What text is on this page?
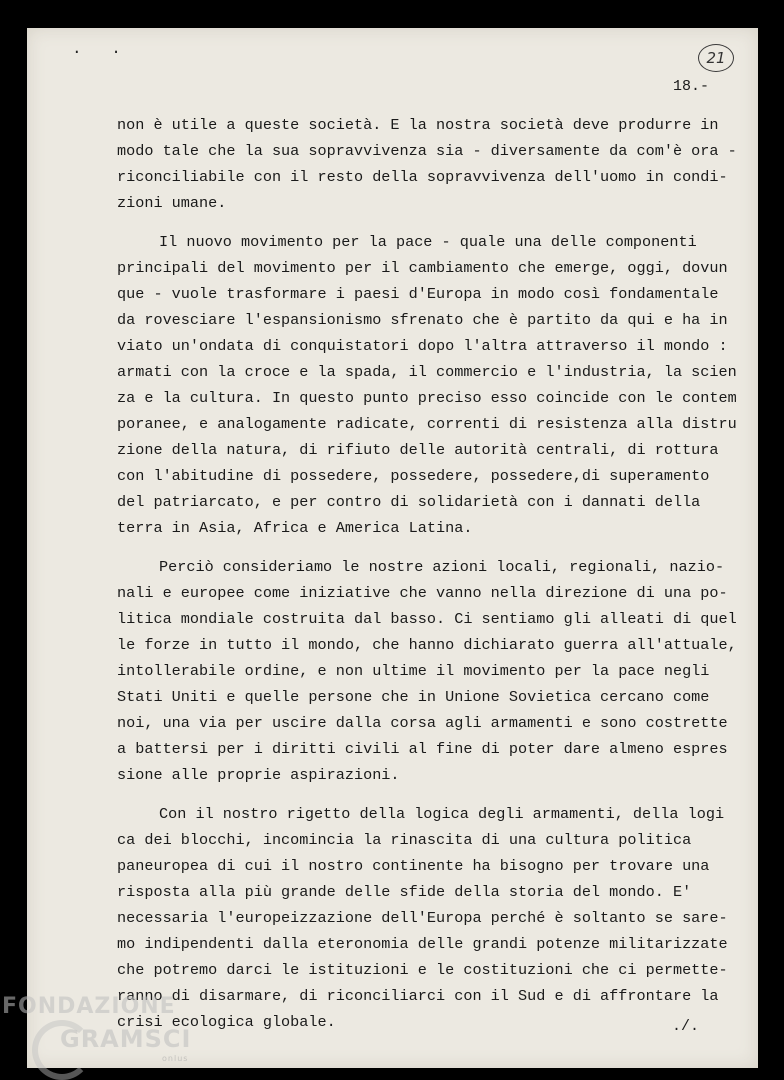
. .	21
18.-
non è utile a queste società. E la nostra società deve produrre in
modo tale che la sua sopravvivenza sia - diversamente da com'è ora -
riconciliabile con il resto della sopravvivenza dell'uomo in condi-
zioni umane.
Il nuovo movimento per la pace - quale una delle componenti
principali del movimento per il cambiamento che emerge, oggi, dovun
que - vuole trasformare i paesi d'Europa in modo così fondamentale
da rovesciare l'espansionismo sfrenato che è partito da qui e ha in
viato un'ondata di conquistatori dopo l'altra attraverso il mondo :
armati con la croce e la spada, il commercio e l'industria, la scien
za e la cultura. In questo punto preciso esso coincide con le contem
poranee, e analogamente radicate, correnti di resistenza alla distru
zione della natura, di rifiuto delle autorità centrali, di rottura
con l'abitudine di possedere, possedere, possedere,di superamento
del patriarcato, e per contro di solidarietà con i dannati della
terra in Asia, Africa e America Latina.
Perciò consideriamo le nostre azioni locali, regionali, nazio-
nali e europee come iniziative che vanno nella direzione di una po-
litica mondiale costruita dal basso. Ci sentiamo gli alleati di quel
le forze in tutto il mondo, che hanno dichiarato guerra all'attuale,
intollerabile ordine, e non ultime il movimento per la pace negli
Stati Uniti e quelle persone che in Unione Sovietica cercano come
noi, una via per uscire dalla corsa agli armamenti e sono costrette
a battersi per i diritti civili al fine di poter dare almeno espres
sione alle proprie aspirazioni.
Con il nostro rigetto della logica degli armamenti, della logi
ca dei blocchi, incomincia la rinascita di una cultura politica
paneuropea di cui il nostro continente ha bisogno per trovare una
risposta alla più grande delle sfide della storia del mondo. E'
necessaria l'europeizzazione dell'Europa perché è soltanto se sare-
mo indipendenti dalla eteronomia delle grandi potenze militarizzate
che potremo darci le istituzioni e le costituzioni che ci permette-
ranno di disarmare, di riconciliarci con il Sud e di affrontare la
crisi ecologica globale.	./.
FONDAZIONE
GRAMSCI
onlus
